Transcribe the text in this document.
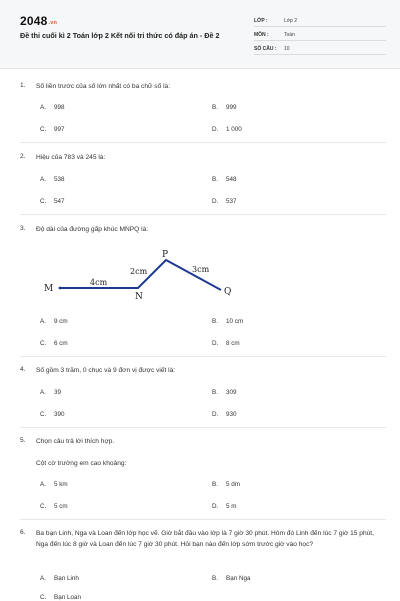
2048.vn
Đề thi cuối kì 2 Toán lớp 2 Kết nối tri thức có đáp án - Đề 2
LỚP :	Lớp 2
MÔN :	Toán
SỐ CÂU : 10
1. Số liền trước của số lớn nhất có ba chữ số là:
A. 998	B. 999
C. 997	D. 1 000
2. Hiệu của 783 và 245 là:
A. 538	B. 548
C. 547	D. 537
3. Độ dài của đường gấp khúc MNPQ là:
M
N
P
Q
4cm
2cm	3cm
A. 9 cm	B. 10 cm
C. 6 cm	D. 8 cm
4. Số gồm 3 trăm, 0 chục và 9 đơn vị được viết là:
A. 39	B. 309
C. 390	D. 930
5. Chọn câu trả lời thích hợp.
Cột cờ trường em cao khoảng:
A. 5 km	B. 5 dm
C. 5 cm	D. 5 m
6. Ba bạn Linh, Nga và Loan đến lớp học vẽ. Giờ bắt đầu vào lớp là 7 giờ 30 phút. Hôm đó Linh đến lúc 7 giờ 15 phút, Nga đến lúc 8 giờ và Loan đến lúc 7 giờ 30 phút. Hỏi bạn nào đến lớp sớm trước giờ vào học?
A. Bạn Linh	B. Bạn Nga
C. Bạn Loan
